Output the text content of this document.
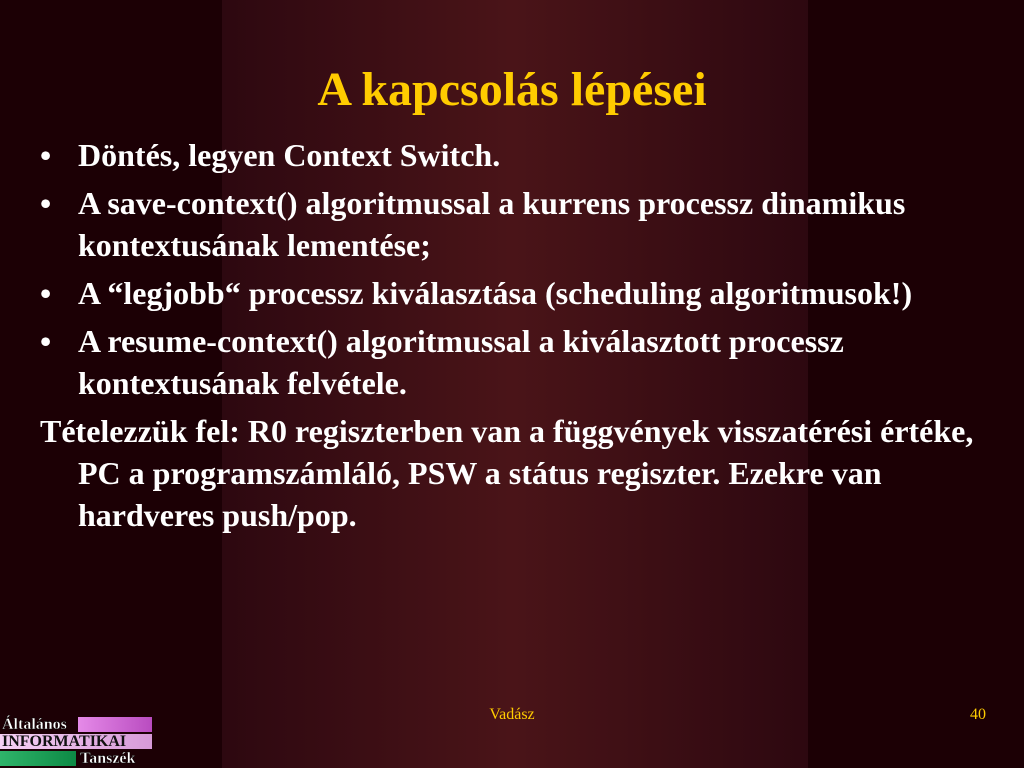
A kapcsolás lépései
• Döntés, legyen Context Switch.
• A save-context() algoritmussal a kurrens processz dinamikus kontextusának lementése;
• A “legjobb“ processz kiválasztása (scheduling algoritmusok!)
• A resume-context() algoritmussal a kiválasztott processz kontextusának felvétele.

Tételezzük fel: R0 regiszterben van a függvények visszatérési értéke, PC a programszámláló, PSW a státus regiszter. Ezekre van hardveres push/pop.

Vadász	40
Általános
INFORMATIKAI
Tanszék
